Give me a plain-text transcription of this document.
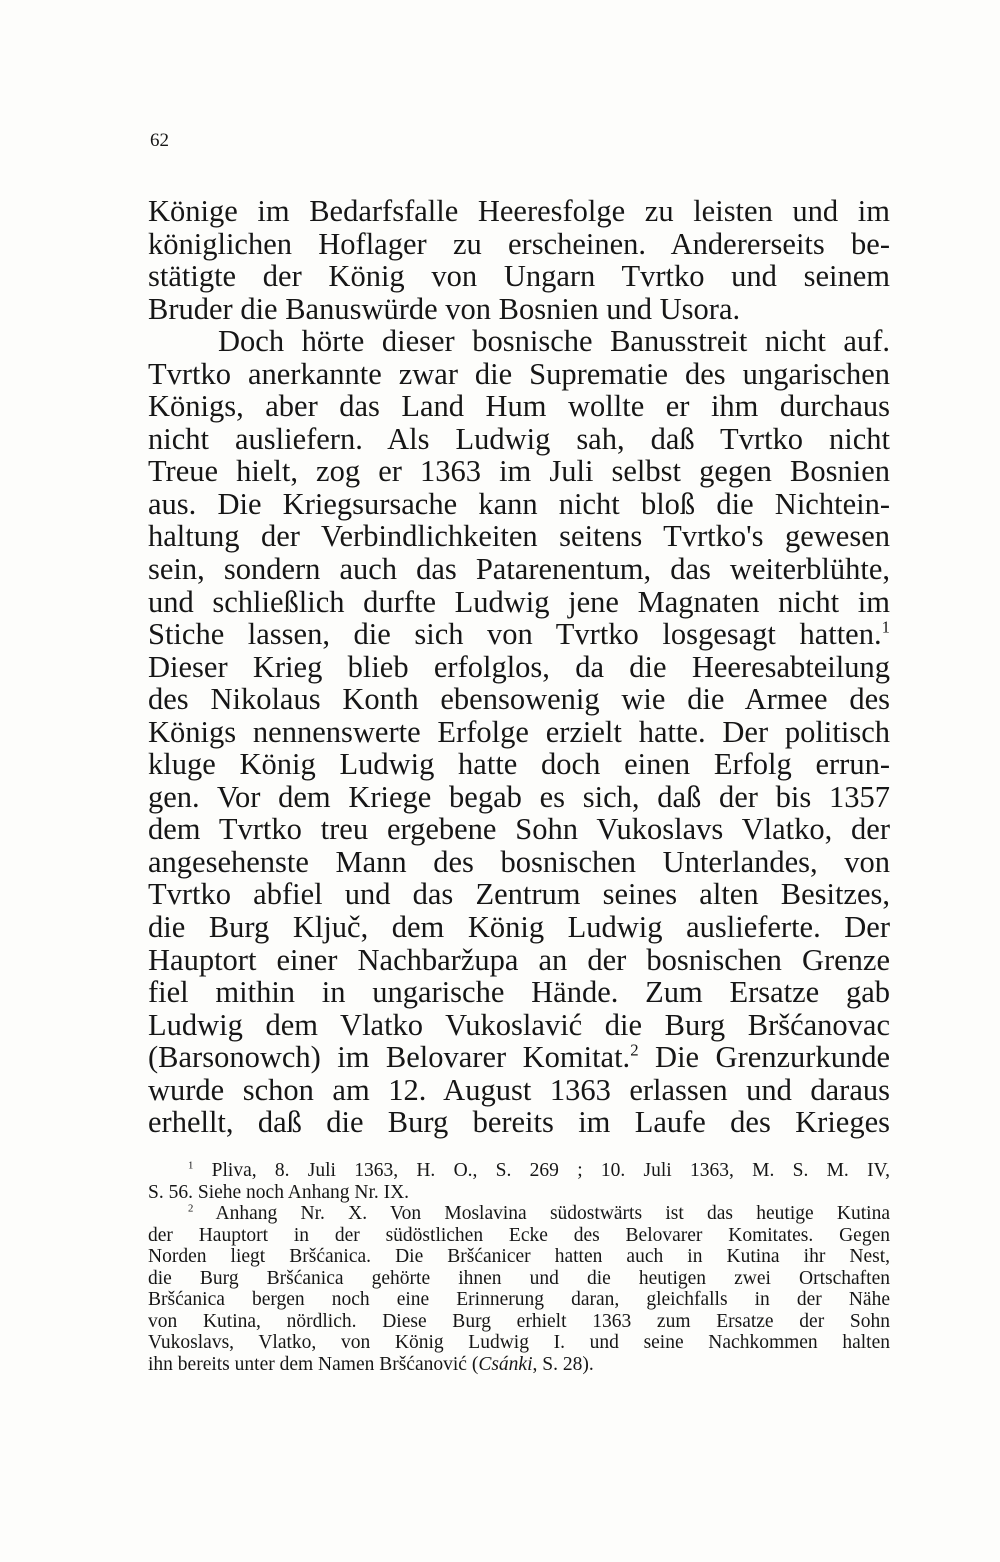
62
Könige im Bedarfsfalle Heeresfolge zu leisten und im
königlichen Hoflager zu erscheinen. Andererseits be-
stätigte der König von Ungarn Tvrtko und seinem
Bruder die Banuswürde von Bosnien und Usora.
Doch hörte dieser bosnische Banusstreit nicht auf.
Tvrtko anerkannte zwar die Suprematie des ungarischen
Königs, aber das Land Hum wollte er ihm durchaus
nicht ausliefern. Als Ludwig sah, daß Tvrtko nicht
Treue hielt, zog er 1363 im Juli selbst gegen Bosnien
aus. Die Kriegsursache kann nicht bloß die Nichtein-
haltung der Verbindlichkeiten seitens Tvrtko's gewesen
sein, sondern auch das Patarenentum, das weiterblühte,
und schließlich durfte Ludwig jene Magnaten nicht im
Stiche lassen, die sich von Tvrtko losgesagt hatten.$^1$
Dieser Krieg blieb erfolglos, da die Heeresabteilung
des Nikolaus Konth ebensowenig wie die Armee des
Königs nennenswerte Erfolge erzielt hatte. Der politisch
kluge König Ludwig hatte doch einen Erfolg errun-
gen. Vor dem Kriege begab es sich, daß der bis 1357
dem Tvrtko treu ergebene Sohn Vukoslavs Vlatko, der
angesehenste Mann des bosnischen Unterlandes, von
Tvrtko abfiel und das Zentrum seines alten Besitzes,
die Burg Ključ, dem König Ludwig auslieferte. Der
Hauptort einer Nachbaržupa an der bosnischen Grenze
fiel mithin in ungarische Hände. Zum Ersatze gab
Ludwig dem Vlatko Vukoslavić die Burg Bršćanovac
(Barsonowch) im Belovarer Komitat.$^2$ Die Grenzurkunde
wurde schon am 12. August 1363 erlassen und daraus
erhellt, daß die Burg bereits im Laufe des Krieges
$^1$ Pliva, 8. Juli 1363, H. O., S. 269 ; 10. Juli 1363, M. S. M. IV,
S. 56. Siehe noch Anhang Nr. IX.
$^2$ Anhang Nr. X. Von Moslavina südostwärts ist das heutige Kutina
der Hauptort in der südöstlichen Ecke des Belovarer Komitates. Gegen
Norden liegt Bršćanica. Die Bršćanicer hatten auch in Kutina ihr Nest,
die Burg Bršćanica gehörte ihnen und die heutigen zwei Ortschaften
Bršćanica bergen noch eine Erinnerung daran, gleichfalls in der Nähe
von Kutina, nördlich. Diese Burg erhielt 1363 zum Ersatze der Sohn
Vukoslavs, Vlatko, von König Ludwig I. und seine Nachkommen halten
ihn bereits unter dem Namen Bršćanović (Csánki, S. 28).
